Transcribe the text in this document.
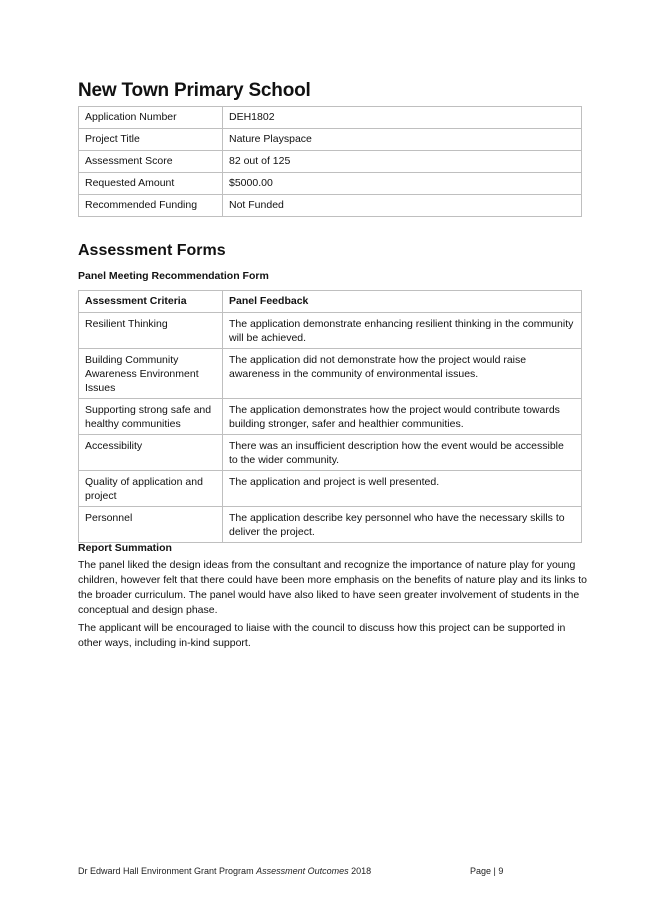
New Town Primary School
Application Number	DEH1802
Project Title	Nature Playspace
Assessment Score	82 out of 125
Requested Amount	$5000.00
Recommended Funding	Not Funded
Assessment Forms
Panel Meeting Recommendation Form
Assessment Criteria	Panel Feedback
Resilient Thinking	The application demonstrate enhancing resilient thinking in the community will be achieved.
Building Community Awareness Environment Issues	The application did not demonstrate how the project would raise awareness in the community of environmental issues.
Supporting strong safe and healthy communities	The application demonstrates how the project would contribute towards building stronger, safer and healthier communities.
Accessibility	There was an insufficient description how the event would be accessible to the wider community.
Quality of application and project	The application and project is well presented.
Personnel	The application describe key personnel who have the necessary skills to deliver the project.
Report Summation

The panel liked the design ideas from the consultant and recognize the importance of nature play for young children, however felt that there could have been more emphasis on the benefits of nature play and its links to the broader curriculum. The panel would have also liked to have seen greater involvement of students in the conceptual and design phase.

The applicant will be encouraged to liaise with the council to discuss how this project can be supported in other ways, including in-kind support.

Dr Edward Hall Environment Grant Program Assessment Outcomes 2018	Page | 9
